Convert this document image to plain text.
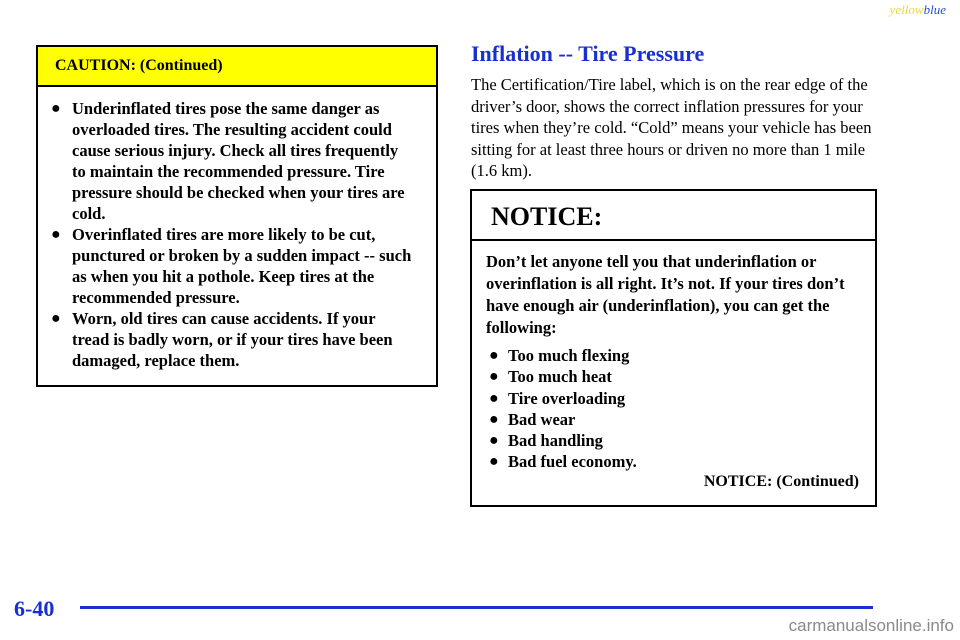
yellowblue
CAUTION: (Continued)
● Underinflated tires pose the same danger as overloaded tires. The resulting accident could cause serious injury. Check all tires frequently to maintain the recommended pressure. Tire pressure should be checked when your tires are cold.
● Overinflated tires are more likely to be cut, punctured or broken by a sudden impact -- such as when you hit a pothole. Keep tires at the recommended pressure.
● Worn, old tires can cause accidents. If your tread is badly worn, or if your tires have been damaged, replace them.
Inflation -- Tire Pressure

The Certification/Tire label, which is on the rear edge of the driver’s door, shows the correct inflation pressures for your tires when they’re cold. “Cold” means your vehicle has been sitting for at least three hours or driven no more than 1 mile (1.6 km).

NOTICE:

Don’t let anyone tell you that underinflation or overinflation is all right. It’s not. If your tires don’t have enough air (underinflation), you can get the following:

● Too much flexing
● Too much heat
● Tire overloading
● Bad wear
● Bad handling
● Bad fuel economy.
NOTICE: (Continued)
6-40
carmanualsonline.info
